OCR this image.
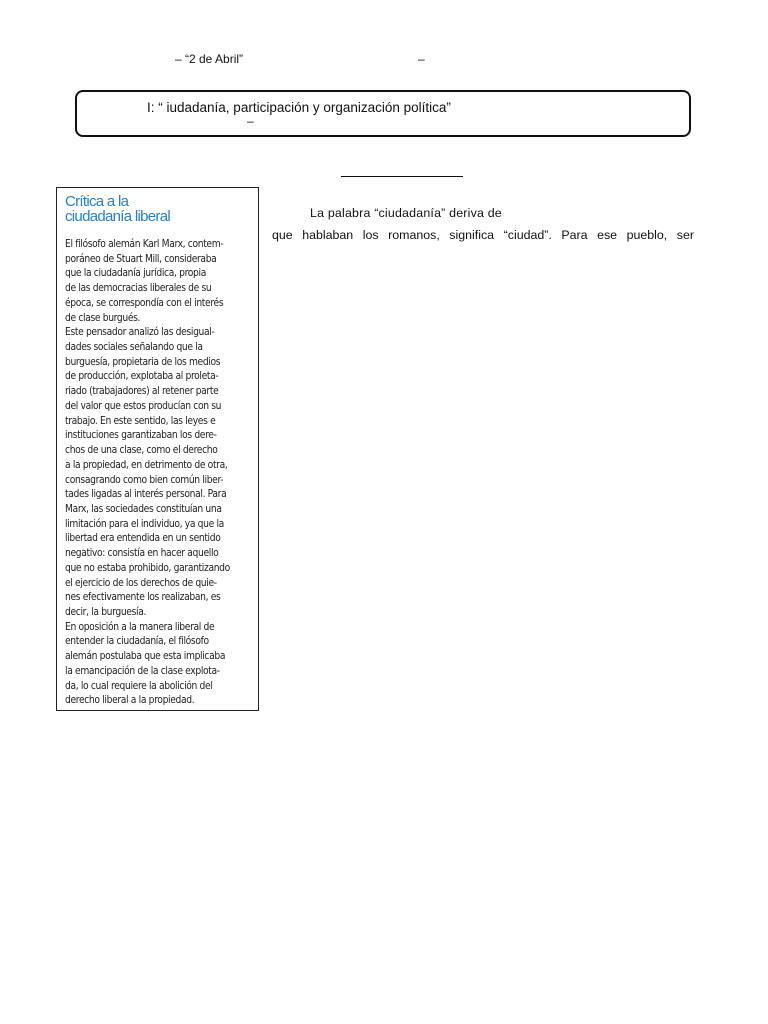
– “2 de Abril”	–
I: “ iudadanía, participación y organización política”
–
Crítica a la
ciudadanía liberal
El filósofo alemán Karl Marx, contem-
poráneo de Stuart Mill, consideraba
que la ciudadanía jurídica, propia
de las democracias liberales de su
época, se correspondía con el interés
de clase burgués.
Este pensador analizó las desigual-
dades sociales señalando que la
burguesía, propietaria de los medios
de producción, explotaba al proleta-
riado (trabajadores) al retener parte
del valor que estos producían con su
trabajo. En este sentido, las leyes e
instituciones garantizaban los dere-
chos de una clase, como el derecho
a la propiedad, en detrimento de otra,
consagrando como bien común liber-
tades ligadas al interés personal. Para
Marx, las sociedades constituían una
limitación para el individuo, ya que la
libertad era entendida en un sentido
negativo: consistía en hacer aquello
que no estaba prohibido, garantizando
el ejercicio de los derechos de quie-
nes efectivamente los realizaban, es
decir, la burguesía.
En oposición a la manera liberal de
entender la ciudadanía, el filósofo
alemán postulaba que esta implicaba
la emancipación de la clase explota-
da, lo cual requiere la abolición del
derecho liberal a la propiedad.
La palabra “ciudadanía” deriva de
que hablaban los romanos, significa “ciudad”. Para ese pueblo, ser
